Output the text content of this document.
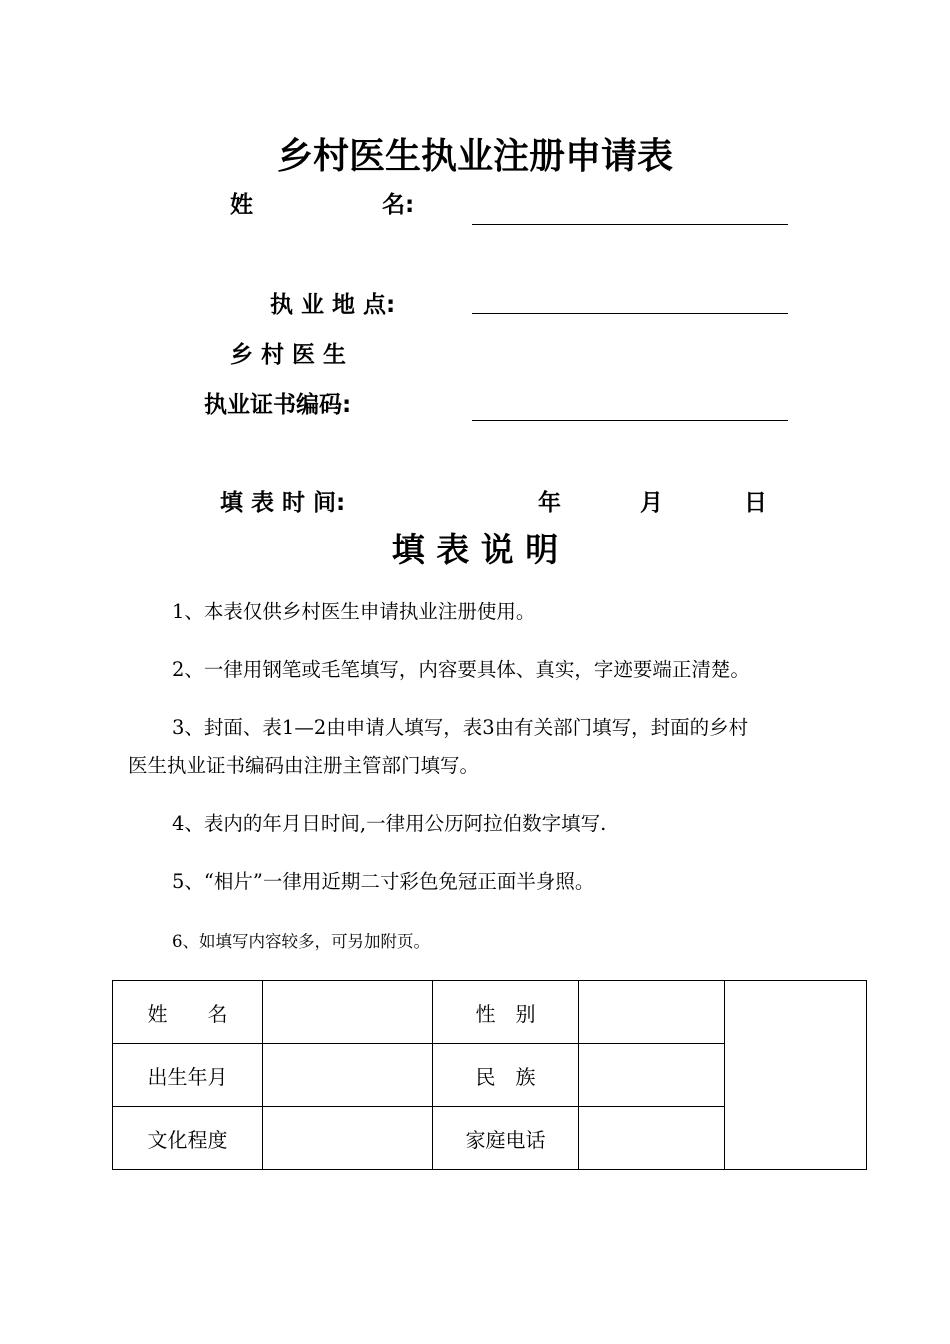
乡村医生执业注册申请表
姓	名:
执 业 地 点:
乡 村 医 生
执业证书编码:
填 表 时 间:	年	月	日
填 表 说 明
1、本表仅供乡村医生申请执业注册使用。
2、一律用钢笔或毛笔填写，内容要具体、真实，字迹要端正清楚。
3、封面、表1—2由申请人填写，表3由有关部门填写，封面的乡村
医生执业证书编码由注册主管部门填写。
4、表内的年月日时间,一律用公历阿拉伯数字填写.
5、“相片”一律用近期二寸彩色免冠正面半身照。
6、如填写内容较多，可另加附页。
姓　　名		性　别		
出生年月		民　族		
文化程度		家庭电话		
